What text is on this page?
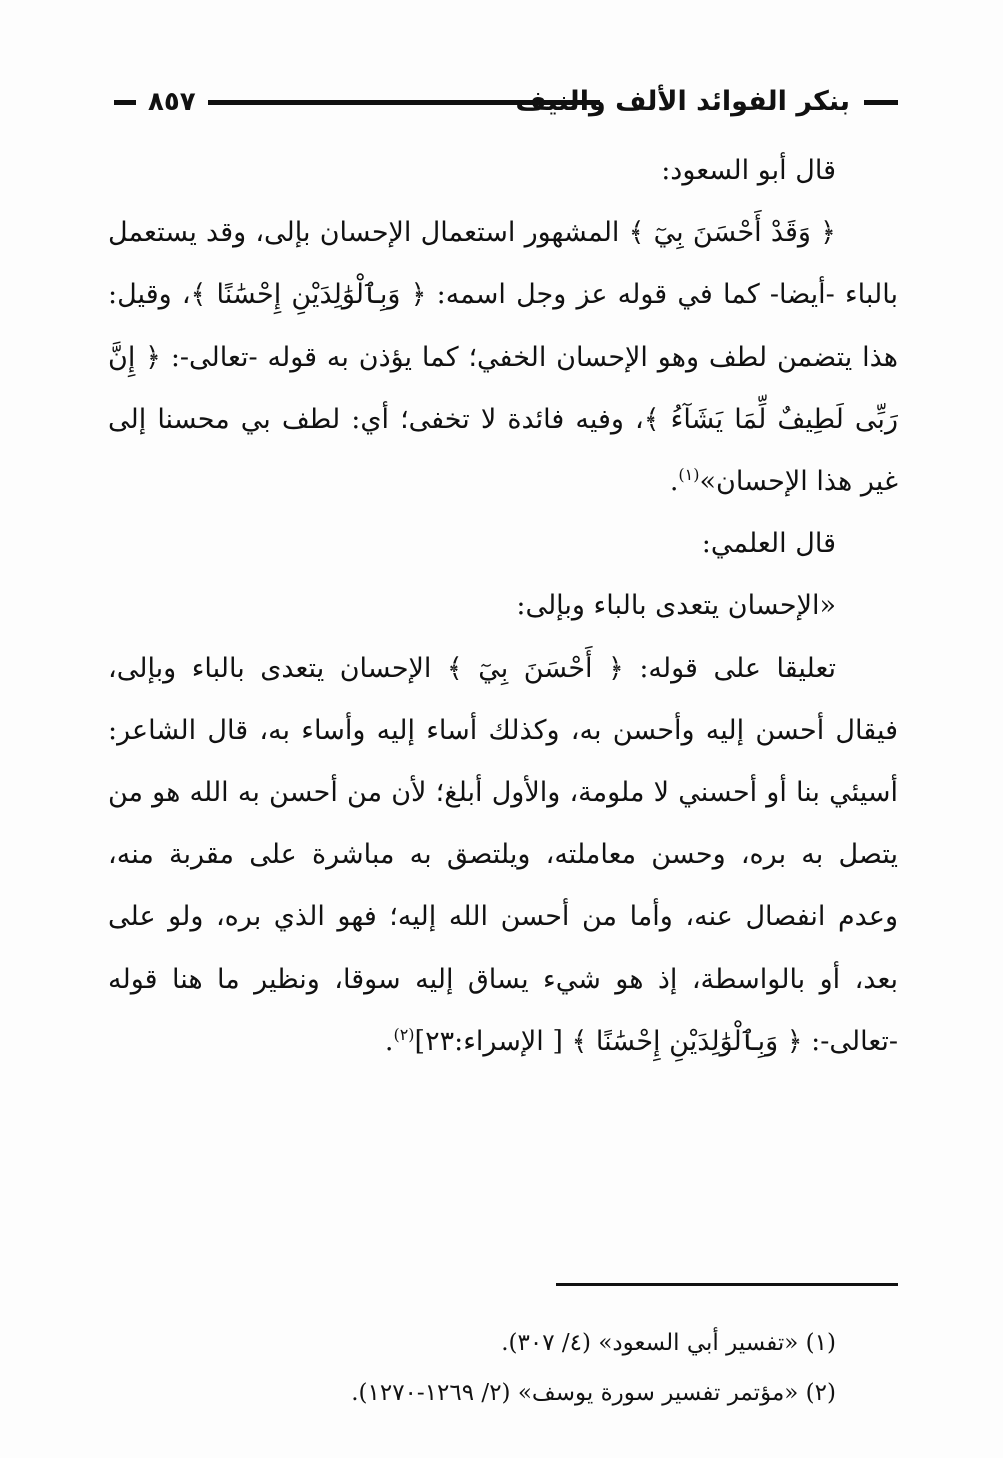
٨٥٧	بنكر الفوائد الألف والنيف

قال أبو السعود:

﴿ وَقَدْ أَحْسَنَ بِيٓ ﴾ المشهور استعمال الإحسان بإلى، وقد يستعمل بالباء -أيضا- كما في قوله عز وجل اسمه: ﴿ وَبِٱلْوَٰلِدَيْنِ إِحْسَٰنًا ﴾، وقيل: هذا يتضمن لطف وهو الإحسان الخفي؛ كما يؤذن به قوله -تعالى-: ﴿ إِنَّ رَبِّى لَطِيفٌ لِّمَا يَشَآءُ ﴾، وفيه فائدة لا تخفى؛ أي: لطف بي محسنا إلى غير هذا الإحسان»$^{(١)}$.

قال العلمي:

«الإحسان يتعدى بالباء وبإلى:

تعليقا على قوله: ﴿ أَحْسَنَ بِيٓ ﴾ الإحسان يتعدى بالباء وبإلى، فيقال أحسن إليه وأحسن به، وكذلك أساء إليه وأساء به، قال الشاعر: أسيئي بنا أو أحسني لا ملومة، والأول أبلغ؛ لأن من أحسن به الله هو من يتصل به بره، وحسن معاملته، ويلتصق به مباشرة على مقربة منه، وعدم انفصال عنه، وأما من أحسن الله إليه؛ فهو الذي بره، ولو على بعد، أو بالواسطة، إذ هو شيء يساق إليه سوقا، ونظير ما هنا قوله -تعالى-: ﴿ وَبِٱلْوَٰلِدَيْنِ إِحْسَٰنًا ﴾ [ الإسراء:٢٣]$^{(٢)}$.

(١) «تفسير أبي السعود» (٤/ ٣٠٧).

(٢) «مؤتمر تفسير سورة يوسف» (٢/ ١٢٦٩-١٢٧٠).
